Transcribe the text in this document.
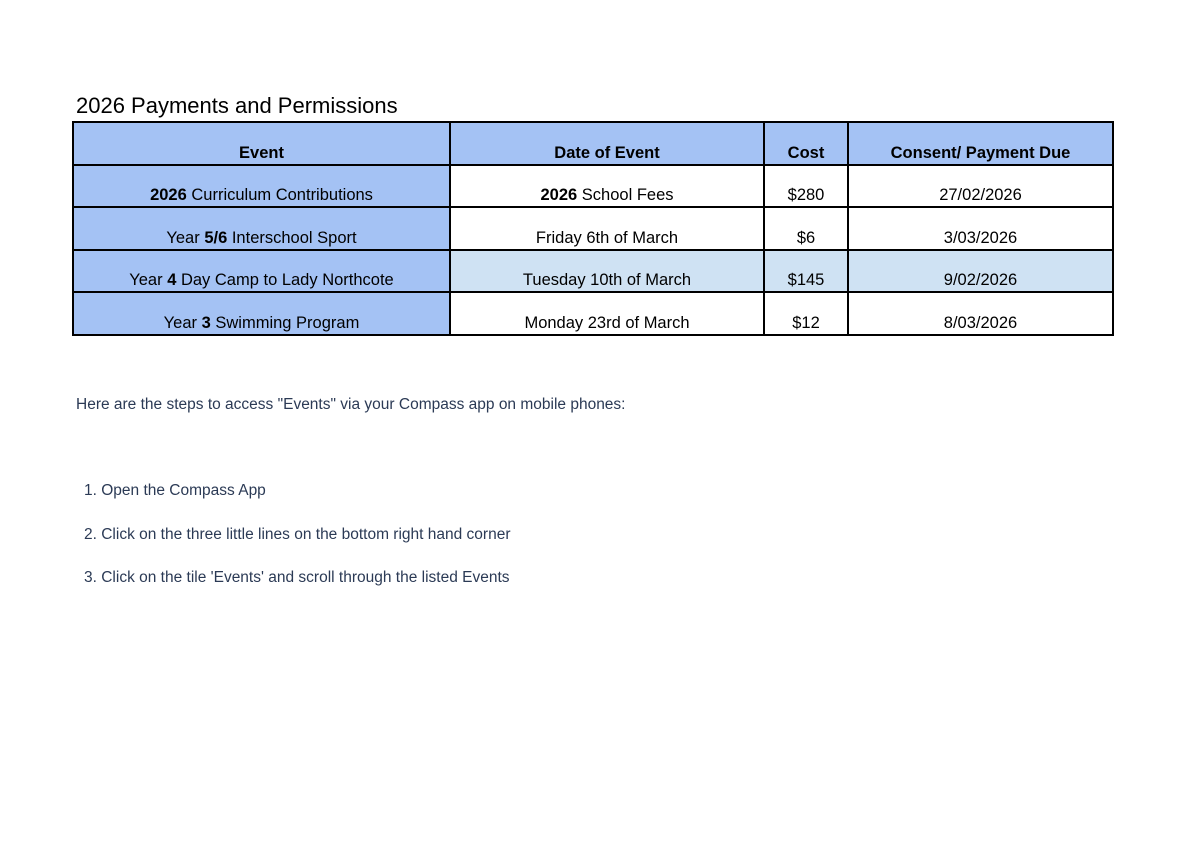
2026 Payments and Permissions
Event	Date of Event	Cost	Consent/ Payment Due
2026 Curriculum Contributions	2026 School Fees	$280	27/02/2026
Year 5/6 Interschool Sport	Friday 6th of March	$6	3/03/2026
Year 4 Day Camp to Lady Northcote	Tuesday 10th of March	$145	9/02/2026
Year 3 Swimming Program	Monday 23rd of March	$12	8/03/2026

Here are the steps to access "Events" via your Compass app on mobile phones:

1. Open the Compass App
2. Click on the three little lines on the bottom right hand corner
3. Click on the tile 'Events' and scroll through the listed Events
